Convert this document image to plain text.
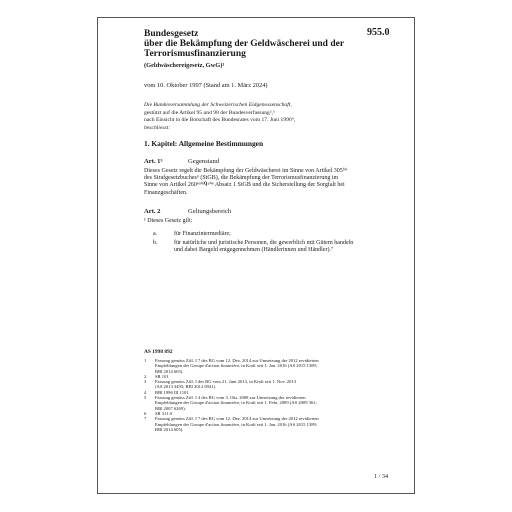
955.0
Bundesgesetz
über die Bekämpfung der Geldwäscherei und der
Terrorismusfinanzierung
(Geldwäschereigesetz, GwG)¹
vom 10. Oktober 1997 (Stand am 1. März 2024)
Die Bundesversammlung der Schweizerischen Eidgenossenschaft,
gestützt auf die Artikel 95 und 98 der Bundesverfassung²,³
nach Einsicht in die Botschaft des Bundesrates vom 17. Juni 1996⁴,
beschliesst:
1. Kapitel: Allgemeine Bestimmungen
Art. 1⁵	Gegenstand
Dieses Gesetz regelt die Bekämpfung der Geldwäscherei im Sinne von Artikel 305ᵇⁱˢ
des Strafgesetzbuches⁶ (StGB), die Bekämpfung der Terrorismusfinanzierung im
Sinne von Artikel 260ᵠᵘⁱⁿᑫᵘⁱᵉˢ Absatz 1 StGB und die Sicherstellung der Sorgfalt bei
Finanzgeschäften.
Art. 2	Geltungsbereich
¹ Dieses Gesetz gilt:
a.	für Finanzintermediäre;
b.	für natürliche und juristische Personen, die gewerblich mit Gütern handeln
und dabei Bargeld entgegennehmen (Händlerinnen und Händler).⁷
AS 1998 892
1	Fassung gemäss Ziff. I 7 des BG vom 12. Dez. 2014 zur Umsetzung der 2012 revidierten
Empfehlungen der Groupe d'action financière, in Kraft seit 1. Jan. 2016 (AS 2015 1389;
BBl 2014 605).
2	SR 101
3	Fassung gemäss Ziff. I des BG vom 21. Juni 2013, in Kraft seit 1. Nov. 2013
(AS 2013 3493; BBl 2012 6941).
4	BBl 1996 III 1101
5	Fassung gemäss Ziff. I 4 des BG vom 3. Okt. 2008 zur Umsetzung der revidierten
Empfehlungen der Groupe d'action financière, in Kraft seit 1. Febr. 2009 (AS 2009 361;
BBl 2007 6269).
6	SR 311.0
7	Fassung gemäss Ziff. I 7 des BG vom 12. Dez. 2014 zur Umsetzung der 2012 revidierten
Empfehlungen der Groupe d'action financière, in Kraft seit 1. Jan. 2016 (AS 2015 1389;
BBl 2014 605).
1 / 34
